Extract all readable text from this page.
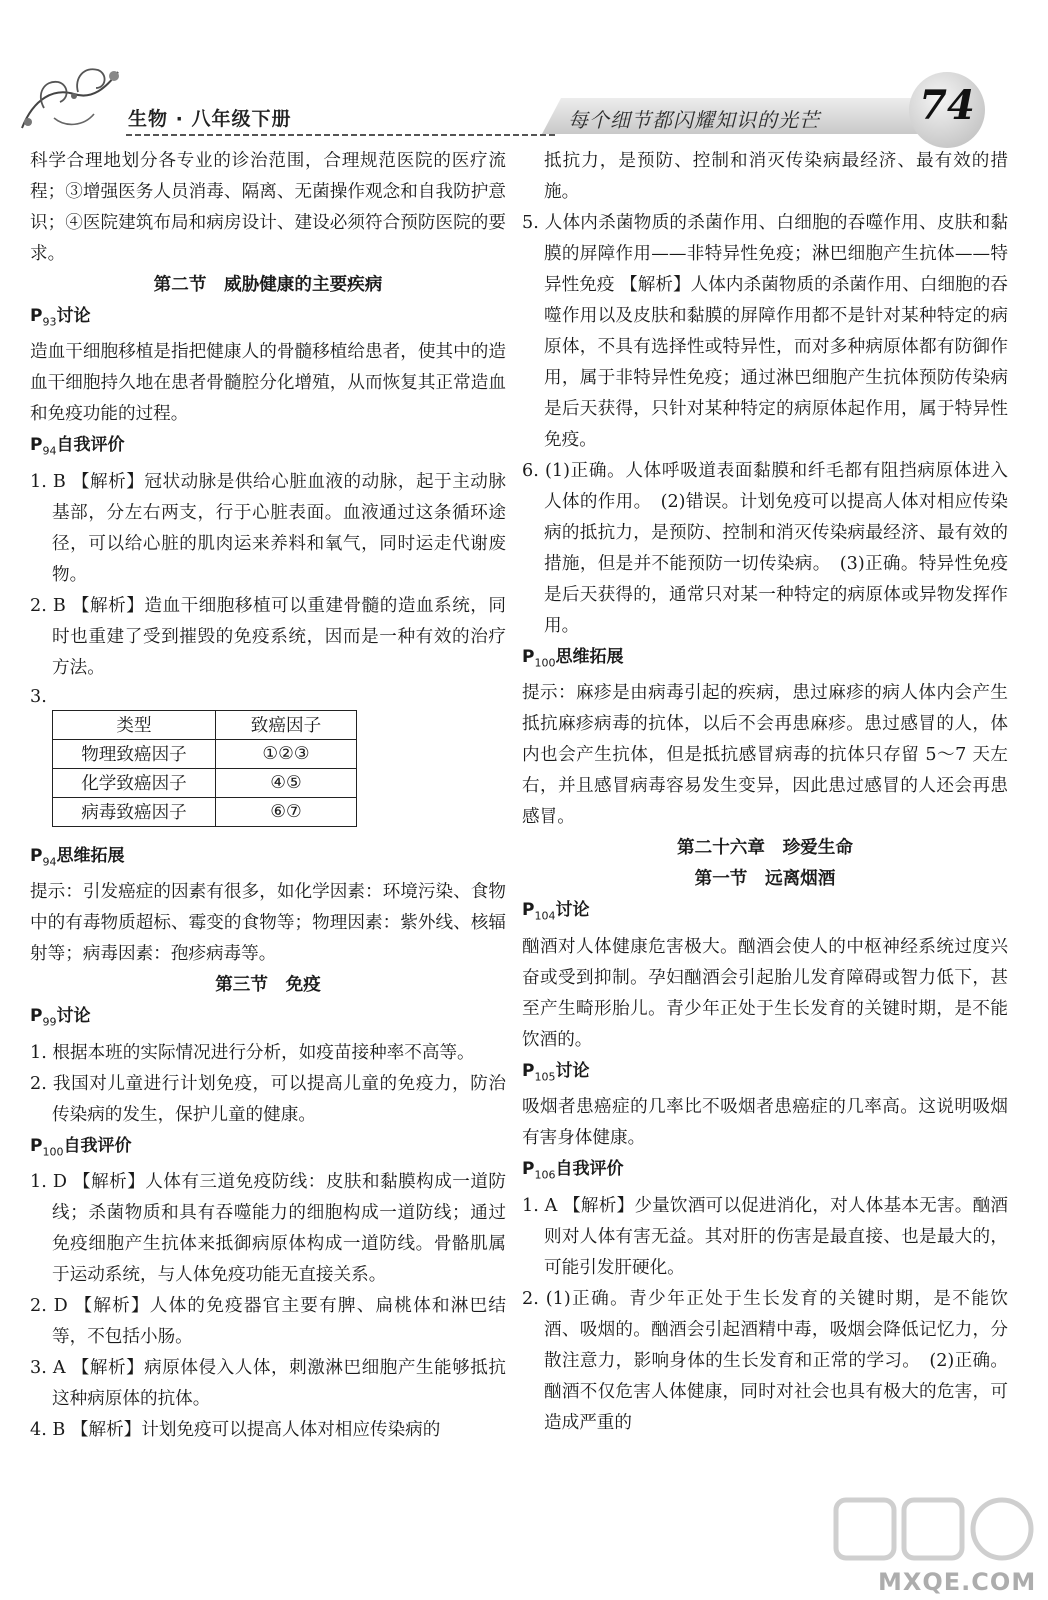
生物 · 八年级下册	每个细节都闪耀知识的光芒 74

科学合理地划分各专业的诊治范围，合理规范医院的医疗流程；③增强医务人员消毒、隔离、无菌操作观念和自我防护意识；④医院建筑布局和病房设计、建设必须符合预防医院的要求。

第二节　威胁健康的主要疾病

$P_{93}$讨论

造血干细胞移植是指把健康人的骨髓移植给患者，使其中的造血干细胞持久地在患者骨髓腔分化增殖，从而恢复其正常造血和免疫功能的过程。

$P_{94}$自我评价

1. B 【解析】冠状动脉是供给心脏血液的动脉，起于主动脉基部，分左右两支，行于心脏表面。血液通过这条循环途径，可以给心脏的肌肉运来养料和氧气，同时运走代谢废物。

2. B 【解析】造血干细胞移植可以重建骨髓的造血系统，同时也重建了受到摧毁的免疫系统，因而是一种有效的治疗方法。

3.

类型	致癌因子
物理致癌因子	①②③
化学致癌因子	④⑤
病毒致癌因子	⑥⑦

$P_{94}$思维拓展

提示：引发癌症的因素有很多，如化学因素：环境污染、食物中的有毒物质超标、霉变的食物等；物理因素：紫外线、核辐射等；病毒因素：孢疹病毒等。

第三节　免疫

$P_{99}$讨论

1. 根据本班的实际情况进行分析，如疫苗接种率不高等。

2. 我国对儿童进行计划免疫，可以提高儿童的免疫力，防治传染病的发生，保护儿童的健康。

$P_{100}$自我评价

1. D 【解析】人体有三道免疫防线：皮肤和黏膜构成一道防线；杀菌物质和具有吞噬能力的细胞构成一道防线；通过免疫细胞产生抗体来抵御病原体构成一道防线。骨骼肌属于运动系统，与人体免疫功能无直接关系。

2. D 【解析】人体的免疫器官主要有脾、扁桃体和淋巴结等，不包括小肠。

3. A 【解析】病原体侵入人体，刺激淋巴细胞产生能够抵抗这种病原体的抗体。

4. B 【解析】计划免疫可以提高人体对相应传染病的

抵抗力，是预防、控制和消灭传染病最经济、最有效的措施。

5. 人体内杀菌物质的杀菌作用、白细胞的吞噬作用、皮肤和黏膜的屏障作用——非特异性免疫；淋巴细胞产生抗体——特异性免疫 【解析】人体内杀菌物质的杀菌作用、白细胞的吞噬作用以及皮肤和黏膜的屏障作用都不是针对某种特定的病原体，不具有选择性或特异性，而对多种病原体都有防御作用，属于非特异性免疫；通过淋巴细胞产生抗体预防传染病是后天获得，只针对某种特定的病原体起作用，属于特异性免疫。

6. (1)正确。人体呼吸道表面黏膜和纤毛都有阻挡病原体进入人体的作用。　(2)错误。计划免疫可以提高人体对相应传染病的抵抗力，是预防、控制和消灭传染病最经济、最有效的措施，但是并不能预防一切传染病。　(3)正确。特异性免疫是后天获得的，通常只对某一种特定的病原体或异物发挥作用。

$P_{100}$思维拓展

提示：麻疹是由病毒引起的疾病，患过麻疹的病人体内会产生抵抗麻疹病毒的抗体，以后不会再患麻疹。患过感冒的人，体内也会产生抗体，但是抵抗感冒病毒的抗体只存留 5～7 天左右，并且感冒病毒容易发生变异，因此患过感冒的人还会再患感冒。

第二十六章　珍爱生命

第一节　远离烟酒

$P_{104}$讨论

酗酒对人体健康危害极大。酗酒会使人的中枢神经系统过度兴奋或受到抑制。孕妇酗酒会引起胎儿发育障碍或智力低下，甚至产生畸形胎儿。青少年正处于生长发育的关键时期，是不能饮酒的。

$P_{105}$讨论

吸烟者患癌症的几率比不吸烟者患癌症的几率高。这说明吸烟有害身体健康。

$P_{106}$自我评价

1. A 【解析】少量饮酒可以促进消化，对人体基本无害。酗酒则对人体有害无益。其对肝的伤害是最直接、也是最大的，可能引发肝硬化。

2. (1)正确。青少年正处于生长发育的关键时期，是不能饮酒、吸烟的。酗酒会引起酒精中毒，吸烟会降低记忆力，分散注意力，影响身体的生长发育和正常的学习。　(2)正确。酗酒不仅危害人体健康，同时对社会也具有极大的危害，可造成严重的

MXQE.COM
